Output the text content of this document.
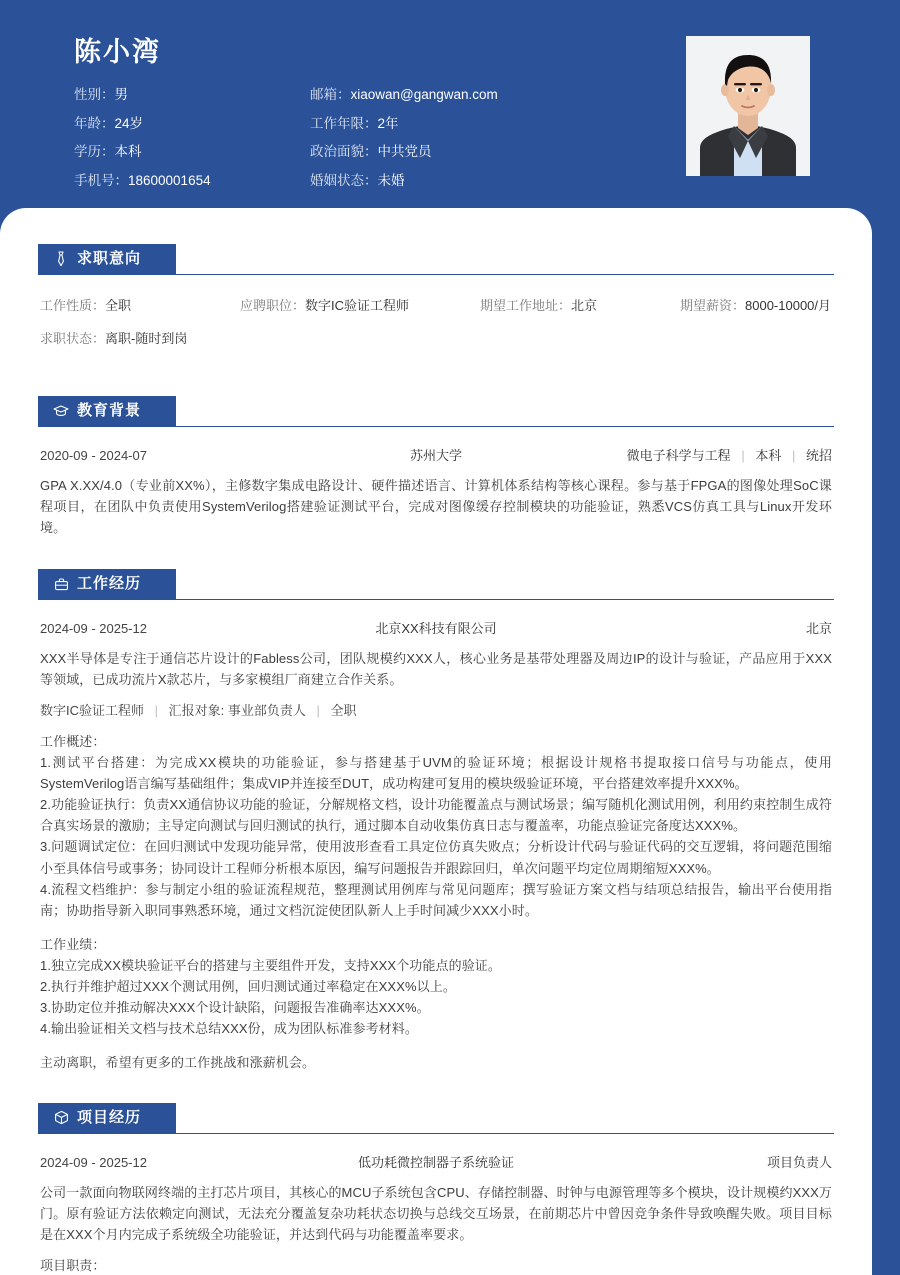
陈小湾
性别：男	邮箱：xiaowan@gangwan.com
年龄：24岁	工作年限：2年
学历：本科	政治面貌：中共党员
手机号：18600001654	婚姻状态：未婚
求职意向
工作性质：全职	应聘职位：数字IC验证工程师	期望工作地址：北京	期望薪资：8000-10000/月
求职状态：离职-随时到岗
教育背景
2020-09 - 2024-07	苏州大学	微电子科学与工程 | 本科 | 统招
GPA X.XX/4.0（专业前XX%），主修数字集成电路设计、硬件描述语言、计算机体系结构等核心课程。参与基于FPGA的图像处理SoC课程项目，在团队中负责使用SystemVerilog搭建验证测试平台，完成对图像缓存控制模块的功能验证，熟悉VCS仿真工具与Linux开发环境。
工作经历
2024-09 - 2025-12	北京XX科技有限公司	北京
XXX半导体是专注于通信芯片设计的Fabless公司，团队规模约XXX人，核心业务是基带处理器及周边IP的设计与验证，产品应用于XXX等领域，已成功流片X款芯片，与多家模组厂商建立合作关系。
数字IC验证工程师 | 汇报对象: 事业部负责人 | 全职
工作概述：
1.测试平台搭建：为完成XX模块的功能验证，参与搭建基于UVM的验证环境；根据设计规格书提取接口信号与功能点，使用SystemVerilog语言编写基础组件；集成VIP并连接至DUT，成功构建可复用的模块级验证环境，平台搭建效率提升XXX%。
2.功能验证执行：负责XX通信协议功能的验证，分解规格文档，设计功能覆盖点与测试场景；编写随机化测试用例，利用约束控制生成符合真实场景的激励；主导定向测试与回归测试的执行，通过脚本自动收集仿真日志与覆盖率，功能点验证完备度达XXX%。
3.问题调试定位：在回归测试中发现功能异常，使用波形查看工具定位仿真失败点；分析设计代码与验证代码的交互逻辑，将问题范围缩小至具体信号或事务；协同设计工程师分析根本原因，编写问题报告并跟踪回归，单次问题平均定位周期缩短XXX%。
4.流程文档维护：参与制定小组的验证流程规范，整理测试用例库与常见问题库；撰写验证方案文档与结项总结报告，输出平台使用指南；协助指导新入职同事熟悉环境，通过文档沉淀使团队新人上手时间减少XXX小时。
工作业绩：
1.独立完成XX模块验证平台的搭建与主要组件开发，支持XXX个功能点的验证。
2.执行并维护超过XXX个测试用例，回归测试通过率稳定在XXX%以上。
3.协助定位并推动解决XXX个设计缺陷，问题报告准确率达XXX%。
4.输出验证相关文档与技术总结XXX份，成为团队标准参考材料。
主动离职，希望有更多的工作挑战和涨薪机会。
项目经历
2024-09 - 2025-12	低功耗微控制器子系统验证	项目负责人
公司一款面向物联网终端的主打芯片项目，其核心的MCU子系统包含CPU、存储控制器、时钟与电源管理等多个模块，设计规模约XXX万门。原有验证方法依赖定向测试，无法充分覆盖复杂功耗状态切换与总线交互场景，在前期芯片中曾因竞争条件导致唤醒失败。项目目标是在XXX个月内完成子系统级全功能验证，并达到代码与功能覆盖率要求。
项目职责：
